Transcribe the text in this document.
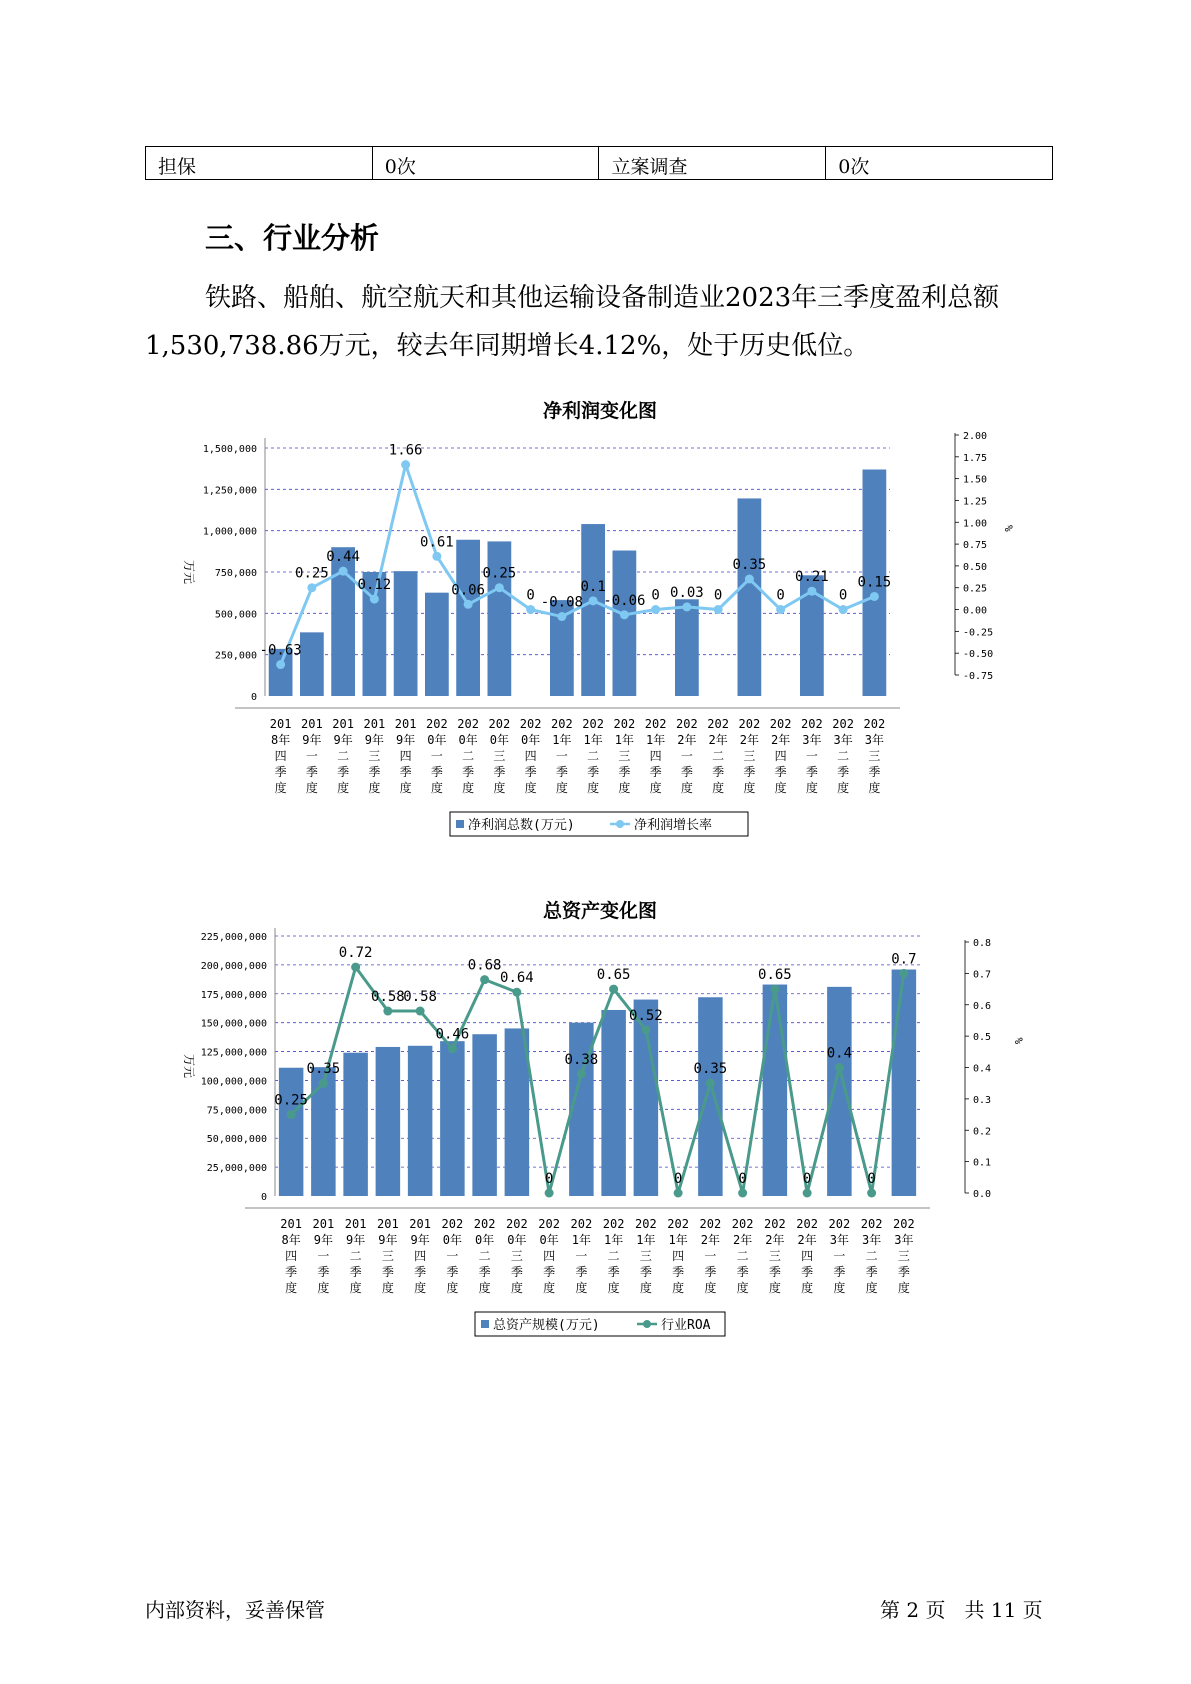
担保	0次	立案调查	0次
三、行业分析
铁路、船舶、航空航天和其他运输设备制造业2023年三季度盈利总额
1,530,738.86万元，较去年同期增长4.12%，处于历史低位。
净利润变化图
1,500,000
1,250,000
1,000,000
750,000
500,000
250,000
0
2.00
1.75
1.50
1.25
1.00
0.75
0.50
0.25
0.00
-0.25
-0.50
-0.75
万元
%
-0.63
0.25
0.44
0.12
1.66
0.61
0.06
0.25
0 -0.08
0.1
-0.06 0 0.03 0
0.35
0
0.21
0
0.15
201
8年
四
季
度
201
9年
一
季
度
201
9年
二
季
度
201
9年
三
季
度
201
9年
四
季
度
202
0年
一
季
度
202
0年
二
季
度
202
0年
三
季
度
202
0年
四
季
度
202
1年
一
季
度
202
1年
二
季
度
202
1年
三
季
度
202
1年
四
季
度
202
2年
一
季
度
202
2年
二
季
度
202
2年
三
季
度
202
2年
四
季
度
202
3年
一
季
度
202
3年
二
季
度
202
3年
三
季
度
净利润总数(万元)	净利润增长率
总资产变化图
225,000,000
200,000,000
175,000,000
150,000,000
125,000,000
100,000,000
75,000,000
50,000,000
25,000,000
0
0.8
0.7
0.6
0.5
0.4
0.3
0.2
0.1
0.0
万元
%
0.25
0.35
0.72
0.58
0.58
0.46
0.68
0.64
0
0.38
0.65
0.52
0
0.35
0
0.65
0
0.4
0
0.7
201
8年
四
季
度
201
9年
一
季
度
201
9年
二
季
度
201
9年
三
季
度
201
9年
四
季
度
202
0年
一
季
度
202
0年
二
季
度
202
0年
三
季
度
202
0年
四
季
度
202
1年
一
季
度
202
1年
二
季
度
202
1年
三
季
度
202
1年
四
季
度
202
2年
一
季
度
202
2年
二
季
度
202
2年
三
季
度
202
2年
四
季
度
202
3年
一
季
度
202
3年
二
季
度
202
3年
三
季
度
总资产规模(万元)	行业ROA
内部资料，妥善保管	第 2 页   共 11 页
